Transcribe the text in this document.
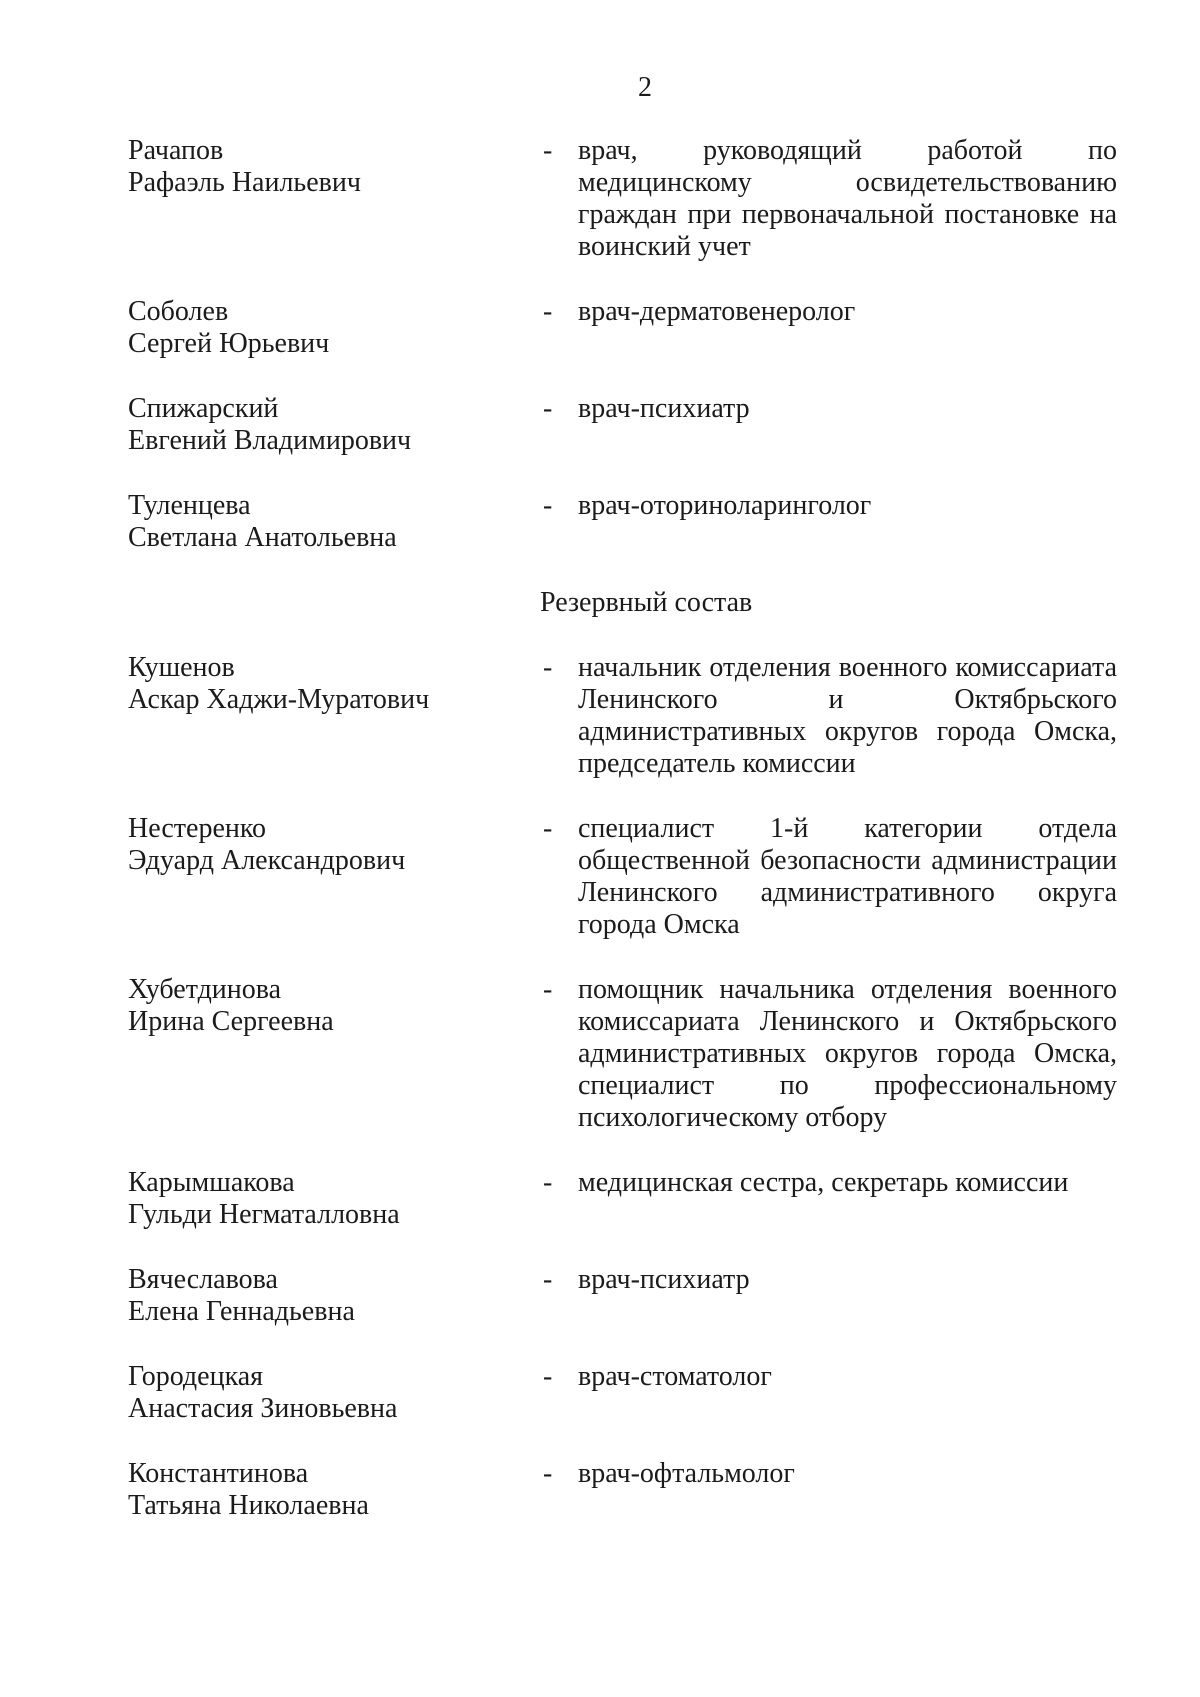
2
Рачапов
Рафаэль Наильевич
- врач, руководящий работой по медицинскому освидетельствованию граждан при первоначальной постановке на воинский учет
Соболев
Сергей Юрьевич
- врач-дерматовенеролог
Спижарский
Евгений Владимирович
- врач-психиатр
Туленцева
Светлана Анатольевна
- врач-оториноларинголог
Резервный состав
Кушенов
Аскар Хаджи-Муратович
- начальник отделения военного комиссариата Ленинского и Октябрьского административных округов города Омска, председатель комиссии
Нестеренко
Эдуард Александрович
- специалист 1-й категории отдела общественной безопасности администрации Ленинского административного округа города Омска
Хубетдинова
Ирина Сергеевна
- помощник начальника отделения военного комиссариата Ленинского и Октябрьского административных округов города Омска, специалист по профессиональному психологическому отбору
Карымшакова
Гульди Негматалловна
- медицинская сестра, секретарь комиссии
Вячеславова
Елена Геннадьевна
- врач-психиатр
Городецкая
Анастасия Зиновьевна
- врач-стоматолог
Константинова
Татьяна Николаевна
- врач-офтальмолог
